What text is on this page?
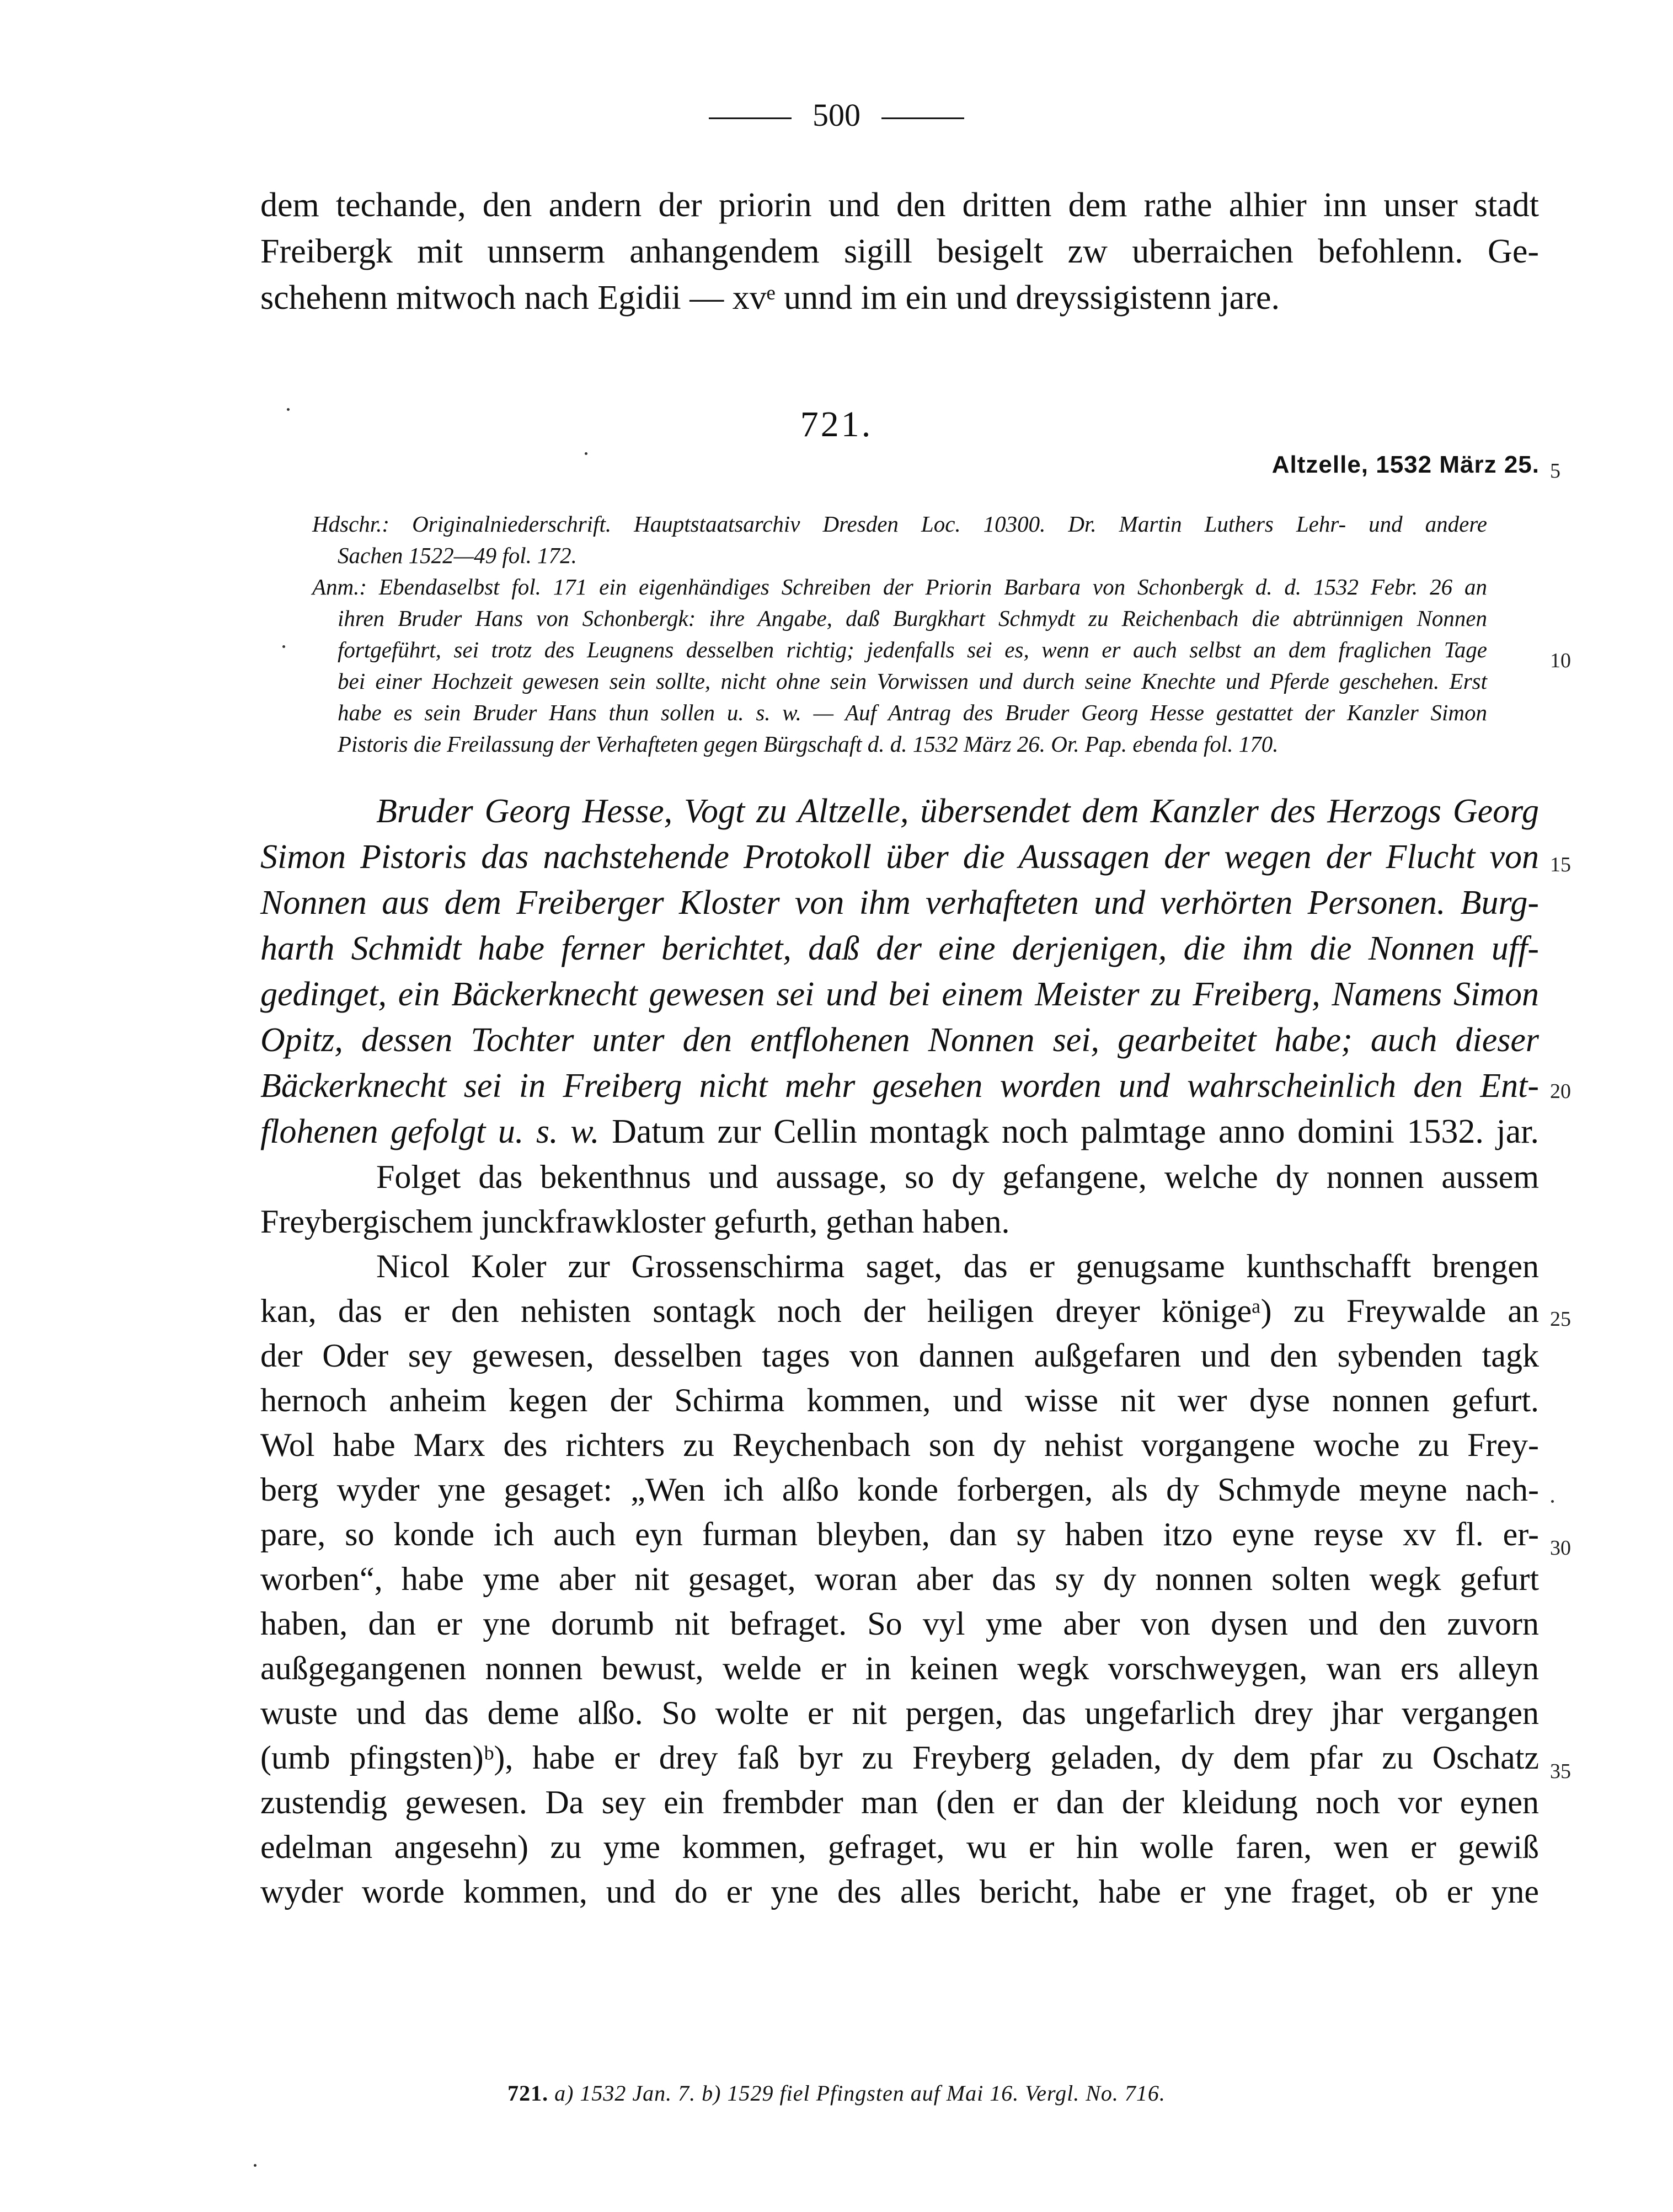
500
dem techande, den andern der priorin und den dritten dem rathe alhier inn unser stadt
Freibergk mit unnserm anhangendem sigill besigelt zw uberraichen befohlenn. Ge-
schehenn mitwoch nach Egidii — xvᵉ unnd im ein und dreyssigistenn jare.
721.
Altzelle, 1532 März 25.
Hdschr.: Originalniederschrift. Hauptstaatsarchiv Dresden Loc. 10300. Dr. Martin Luthers Lehr- und andere
Sachen 1522—49 fol. 172.
Anm.: Ebendaselbst fol. 171 ein eigenhändiges Schreiben der Priorin Barbara von Schonbergk d. d. 1532 Febr. 26 an
ihren Bruder Hans von Schonbergk: ihre Angabe, daß Burgkhart Schmydt zu Reichenbach die abtrünnigen Nonnen
fortgeführt, sei trotz des Leugnens desselben richtig; jedenfalls sei es, wenn er auch selbst an dem fraglichen Tage
bei einer Hochzeit gewesen sein sollte, nicht ohne sein Vorwissen und durch seine Knechte und Pferde geschehen. Erst
habe es sein Bruder Hans thun sollen u. s. w. — Auf Antrag des Bruder Georg Hesse gestattet der Kanzler Simon
Pistoris die Freilassung der Verhafteten gegen Bürgschaft d. d. 1532 März 26. Or. Pap. ebenda fol. 170.
Bruder Georg Hesse, Vogt zu Altzelle, übersendet dem Kanzler des Herzogs Georg
Simon Pistoris das nachstehende Protokoll über die Aussagen der wegen der Flucht von
Nonnen aus dem Freiberger Kloster von ihm verhafteten und verhörten Personen. Burg-
harth Schmidt habe ferner berichtet, daß der eine derjenigen, die ihm die Nonnen uff-
gedinget, ein Bäckerknecht gewesen sei und bei einem Meister zu Freiberg, Namens Simon
Opitz, dessen Tochter unter den entflohenen Nonnen sei, gearbeitet habe; auch dieser
Bäckerknecht sei in Freiberg nicht mehr gesehen worden und wahrscheinlich den Ent-
flohenen gefolgt u. s. w. Datum zur Cellin montagk noch palmtage anno domini 1532. jar.
Folget das bekenthnus und aussage, so dy gefangene, welche dy nonnen aussem
Freybergischem junckfrawkloster gefurth, gethan haben.
Nicol Koler zur Grossenschirma saget, das er genugsame kunthschafft brengen
kan, das er den nehisten sontagk noch der heiligen dreyer königeᵃ) zu Freywalde an
der Oder sey gewesen, desselben tages von dannen außgefaren und den sybenden tagk
hernoch anheim kegen der Schirma kommen, und wisse nit wer dyse nonnen gefurt.
Wol habe Marx des richters zu Reychenbach son dy nehist vorgangene woche zu Frey-
berg wyder yne gesaget: „Wen ich alßo konde forbergen, als dy Schmyde meyne nach-
pare, so konde ich auch eyn furman bleyben, dan sy haben itzo eyne reyse xv fl. er-
worben“, habe yme aber nit gesaget, woran aber das sy dy nonnen solten wegk gefurt
haben, dan er yne dorumb nit befraget. So vyl yme aber von dysen und den zuvorn
außgegangenen nonnen bewust, welde er in keinen wegk vorschweygen, wan ers alleyn
wuste und das deme alßo. So wolte er nit pergen, das ungefarlich drey jhar vergangen
(umb pfingsten)ᵇ), habe er drey faß byr zu Freyberg geladen, dy dem pfar zu Oschatz
zustendig gewesen. Da sey ein frembder man (den er dan der kleidung noch vor eynen
edelman angesehn) zu yme kommen, gefraget, wu er hin wolle faren, wen er gewiß
wyder worde kommen, und do er yne des alles bericht, habe er yne fraget, ob er yne
5
10
15
20
25
30
35
721. a) 1532 Jan. 7. b) 1529 fiel Pfingsten auf Mai 16. Vergl. No. 716.
